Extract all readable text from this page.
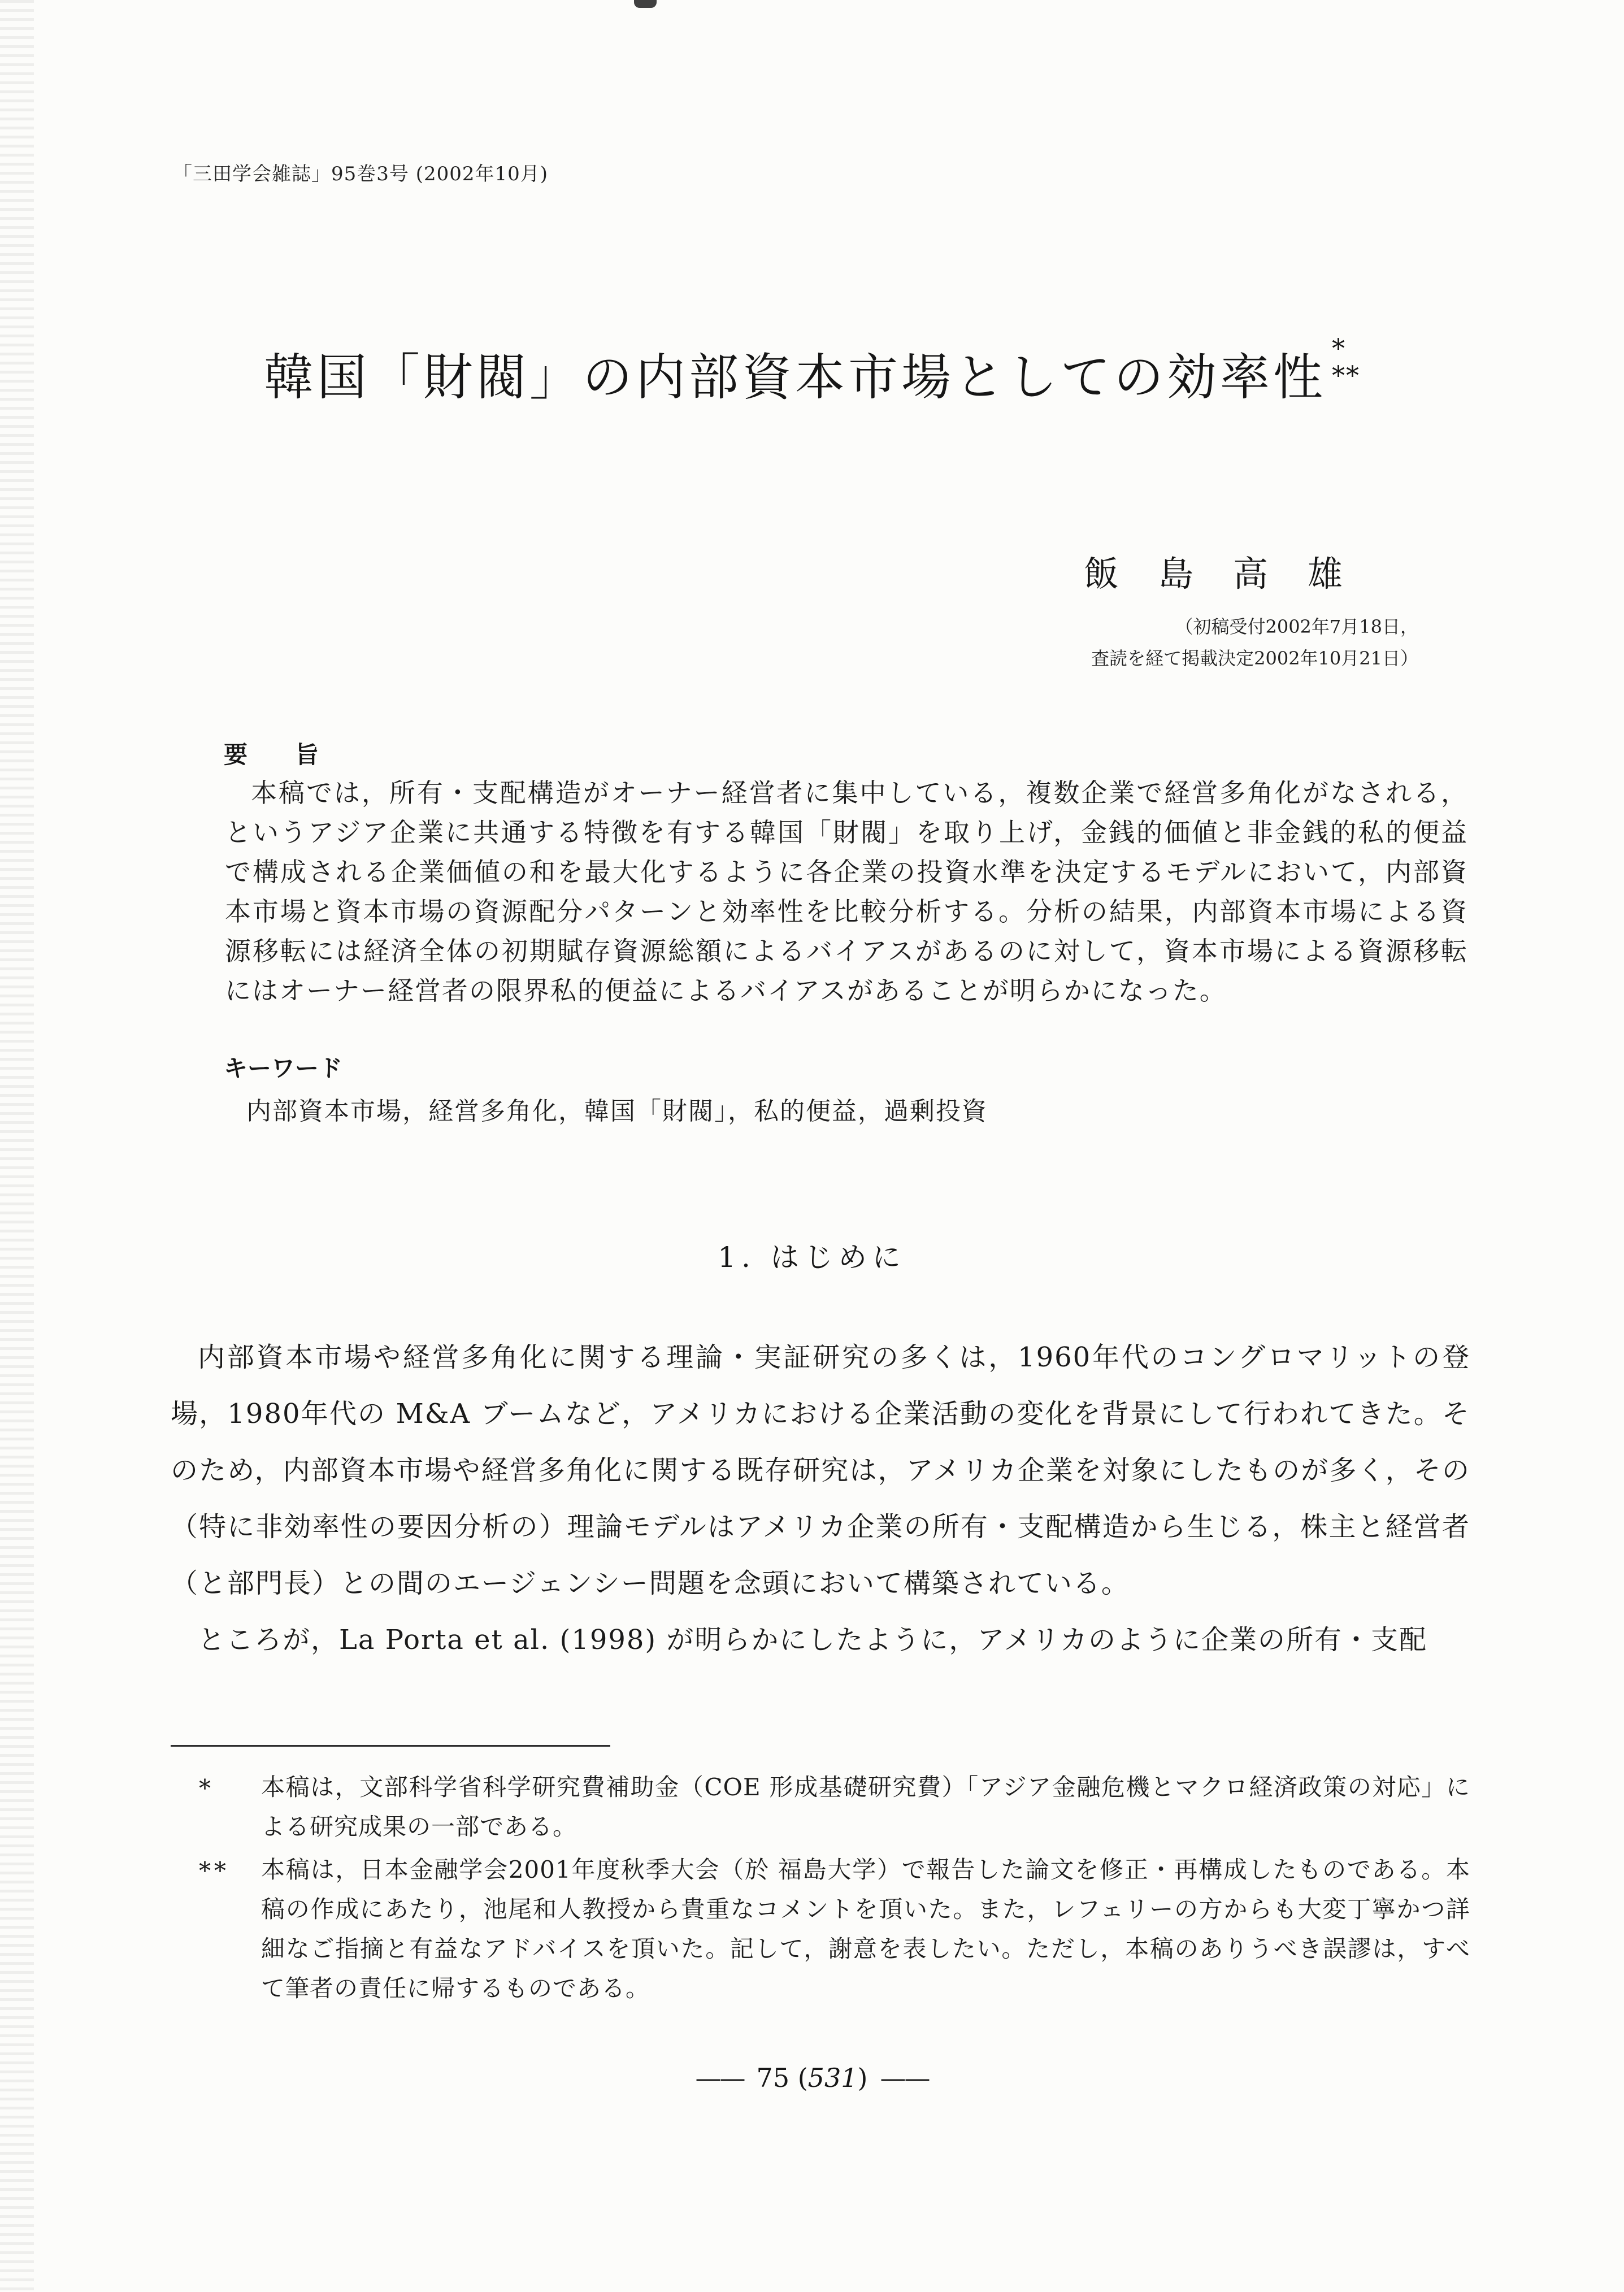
「三田学会雑誌」95巻3号 (2002年10月)
韓国「財閥」の内部資本市場としての効率性 *
**
飯　島　高　雄
（初稿受付2002年7月18日，
査読を経て掲載決定2002年10月21日）
要　　旨
本稿では，所有・支配構造がオーナー経営者に集中している，複数企業で経営多角化がなされる，というアジア企業に共通する特徴を有する韓国「財閥」を取り上げ，金銭的価値と非金銭的私的便益で構成される企業価値の和を最大化するように各企業の投資水準を決定するモデルにおいて，内部資本市場と資本市場の資源配分パターンと効率性を比較分析する。分析の結果，内部資本市場による資源移転には経済全体の初期賦存資源総額によるバイアスがあるのに対して，資本市場による資源移転にはオーナー経営者の限界私的便益によるバイアスがあることが明らかになった。
キーワード
内部資本市場，経営多角化，韓国「財閥」，私的便益，過剰投資
1. はじめに

内部資本市場や経営多角化に関する理論・実証研究の多くは，1960年代のコングロマリットの登場，1980年代の M&A ブームなど，アメリカにおける企業活動の変化を背景にして行われてきた。そのため，内部資本市場や経営多角化に関する既存研究は，アメリカ企業を対象にしたものが多く，その（特に非効率性の要因分析の）理論モデルはアメリカ企業の所有・支配構造から生じる，株主と経営者（と部門長）との間のエージェンシー問題を念頭において構築されている。

ところが，La Porta et al. (1998) が明らかにしたように，アメリカのように企業の所有・支配

*	本稿は，文部科学省科学研究費補助金（COE 形成基礎研究費）「アジア金融危機とマクロ経済政策の対応」による研究成果の一部である。
**	本稿は，日本金融学会2001年度秋季大会（於 福島大学）で報告した論文を修正・再構成したものである。本稿の作成にあたり，池尾和人教授から貴重なコメントを頂いた。また，レフェリーの方からも大変丁寧かつ詳細なご指摘と有益なアドバイスを頂いた。記して，謝意を表したい。ただし，本稿のありうべき誤謬は，すべて筆者の責任に帰するものである。
—— 75 (531) ——
